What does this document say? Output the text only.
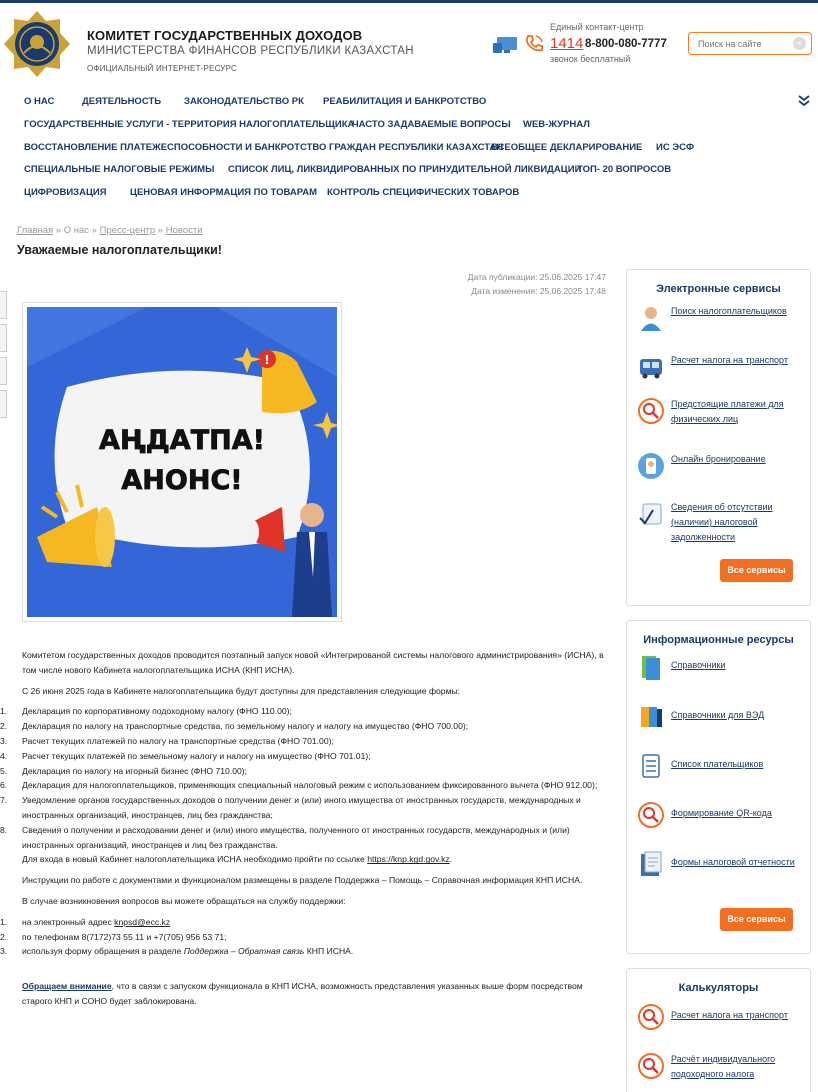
КОМИТЕТ ГОСУДАРСТВЕННЫХ ДОХОДОВ
МИНИСТЕРСТВА ФИНАНСОВ РЕСПУБЛИКИ КАЗАХСТАН
ОФИЦИАЛЬНЫЙ ИНТЕРНЕТ-РЕСУРС

Единый контакт-центр
1414 8-800-080-7777
звонок бесплатный
Поиск на сайте
×
О НАС	ДЕЯТЕЛЬНОСТЬ ЗАКОНОДАТЕЛЬСТВО РК РЕАБИЛИТАЦИЯ И БАНКРОТСТВО
ГОСУДАРСТВЕННЫЕ УСЛУГИ - ТЕРРИТОРИЯ НАЛОГОПЛАТЕЛЬЩИКА
ЧАСТО ЗАДАВАЕМЫЕ ВОПРОСЫ WEB-ЖУРНАЛ
ВОССТАНОВЛЕНИЕ ПЛАТЕЖЕСПОСОБНОСТИ И БАНКРОТСТВО ГРАЖДАН РЕСПУБЛИКИ КАЗАХСТАН
ВСЕОБЩЕЕ ДЕКЛАРИРОВАНИЕ ИС ЭСФ
СПЕЦИАЛЬНЫЕ НАЛОГОВЫЕ РЕЖИМЫ СПИСОК ЛИЦ, ЛИКВИДИРОВАННЫХ ПО ПРИНУДИТЕЛЬНОЙ ЛИКВИДАЦИИ
ТОП- 20 ВОПРОСОВ
ЦИФРОВИЗАЦИЯ ЦЕНОВАЯ ИНФОРМАЦИЯ ПО ТОВАРАМ КОНТРОЛЬ СПЕЦИФИЧЕСКИХ ТОВАРОВ
Главная » О нас » Пресс-центр » Новости
Уважаемые налогоплательщики!
Дата публикации: 25.06.2025 17:47
Дата изменения: 25.06.2025 17:48
АҢДАТПА!
АНОНС!
!

Комитетом государственных доходов проводится поэтапный запуск новой «Интегрированой системы налогового администрирования» (ИСНА), в том числе нового Кабинета налогоплательщика ИСНА (КНП ИСНА).

С 26 июня 2025 года в Кабинете налогоплательщика будут доступны для представления следующие формы:

Декларация по корпоративному подоходному налогу (ФНО 110.00);
Декларация по налогу на транспортные средства, по земельному налогу и налогу на имущество (ФНО 700.00);
Расчет текущих платежей по налогу на транспортные средства (ФНО 701.00);
Расчет текущих платежей по земельному налогу и налогу на имущество (ФНО 701.01);
Декларация по налогу на игорный бизнес (ФНО 710.00);
Декларация для налогоплательщиков, применяющих специальный налоговый режим с использованием фиксированного вычета (ФНО 912.00);
Уведомление органов государственных доходов о получении денег и (или) иного имущества от иностранных государств, международных и иностранных организаций, иностранцев, лиц без гражданства;
Сведения о получении и расходовании денег и (или) иного имущества, полученного от иностранных государств, международных и (или) иностранных организаций, иностранцев и лиц без гражданства.
Для входа в новый Кабинет налогоплательщика ИСНА необходимо пройти по ссылке https://knp.kgd.gov.kz.

Инструкции по работе с документами и функционалом размещены в разделе Поддержка – Помощь – Справочная информация КНП ИСНА.

В случае возникновения вопросов вы можете обращаться на службу поддержки:

на электронный адрес knpsd@ecc.kz
по телефонам 8(7172)73 55 11 и +7(705) 956 53 71;
используя форму обращения в разделе Поддержка – Обратная связь КНП ИСНА.

Обращаем внимание, что в связи с запуском функционала в КНП ИСНА, возможность представления указанных выше форм посредством старого КНП и СОНО будет заблокирована.

Электронные сервисы
Поиск налогоплательщиков
Расчет налога на транспорт
Предстоящие платежи для физических лиц
Онлайн бронирование
Сведения об отсутствии (наличии) налоговой задолженности
Все сервисы
Информационные ресурсы
Справочники
Справочники для ВЭД
Список плательщиков
Формирование QR-кода
Формы налоговой отчетности
Все сервисы
Калькуляторы
Расчет налога на транспорт
Расчёт индивидуального подоходного налога
